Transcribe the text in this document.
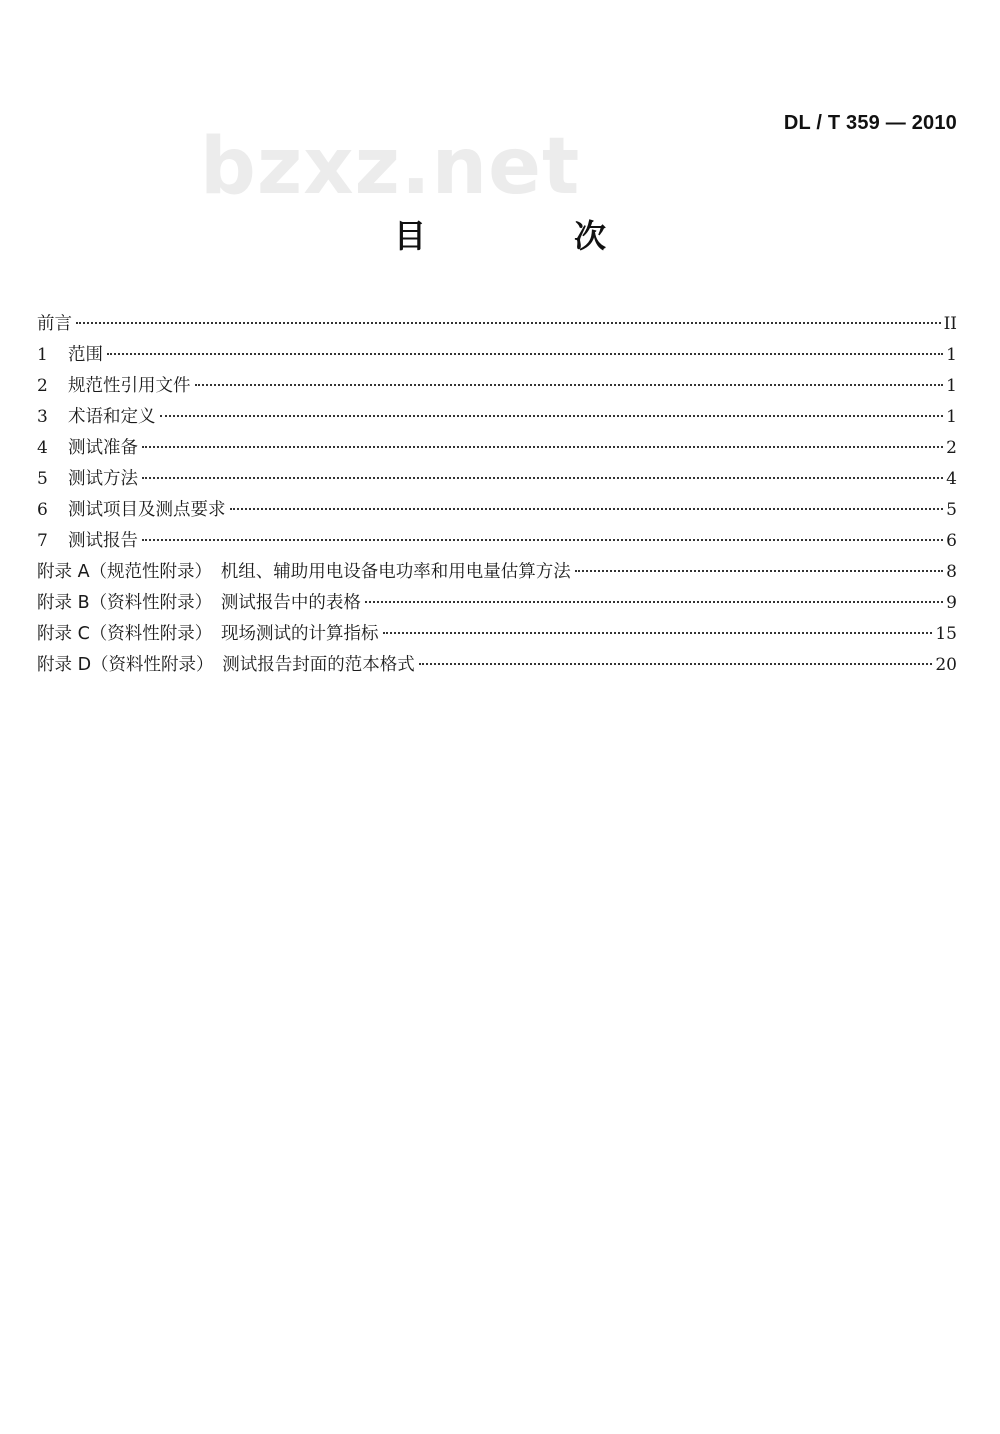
DL / T 359 — 2010
bzxz.net
目　次
前言	II
1	范围	1
2	规范性引用文件	1
3	术语和定义	1
4	测试准备	2
5	测试方法	4
6	测试项目及测点要求	5
7	测试报告	6
附录 A（规范性附录）　机组、辅助用电设备电功率和用电量估算方法	8
附录 B（资料性附录）　测试报告中的表格	9
附录 C（资料性附录）　现场测试的计算指标	15
附录 D（资料性附录）　测试报告封面的范本格式	20
